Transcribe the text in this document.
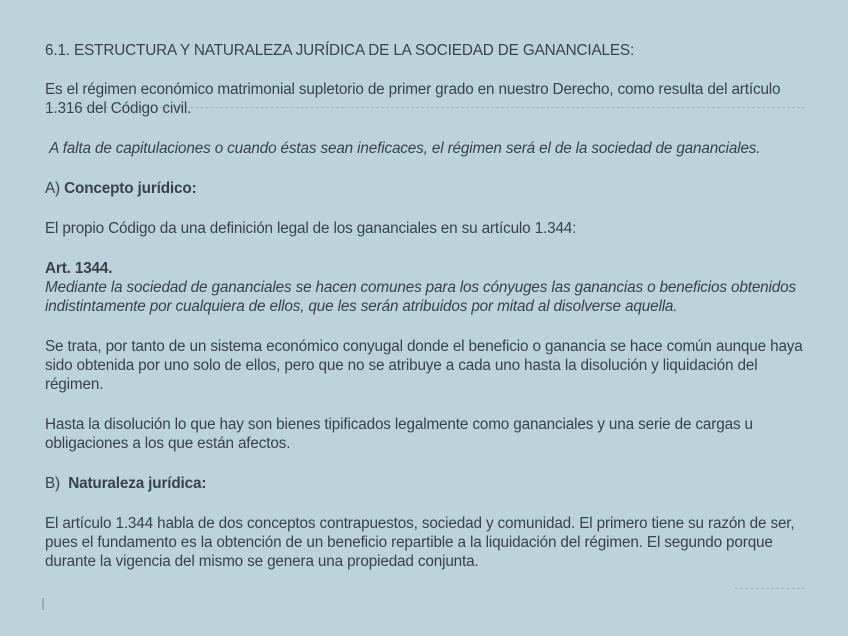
6.1. ESTRUCTURA Y NATURALEZA JURÍDICA DE LA SOCIEDAD DE GANANCIALES:

Es el régimen económico matrimonial supletorio de primer grado en nuestro Derecho, como resulta del artículo 1.316 del Código civil.

A falta de capitulaciones o cuando éstas sean ineficaces, el régimen será el de la sociedad de gananciales.

A) Concepto jurídico:

El propio Código da una definición legal de los gananciales en su artículo 1.344:

Art. 1344.

Mediante la sociedad de gananciales se hacen comunes para los cónyuges las ganancias o beneficios obtenidos indistintamente por cualquiera de ellos, que les serán atribuidos por mitad al disolverse aquella.

Se trata, por tanto de un sistema económico conyugal donde el beneficio o ganancia se hace común aunque haya sido obtenida por uno solo de ellos, pero que no se atribuye a cada uno hasta la disolución y liquidación del régimen.

Hasta la disolución lo que hay son bienes tipificados legalmente como gananciales y una serie de cargas u obligaciones a los que están afectos.

B) Naturaleza jurídica:

El artículo 1.344 habla de dos conceptos contrapuestos, sociedad y comunidad. El primero tiene su razón de ser, pues el fundamento es la obtención de un beneficio repartible a la liquidación del régimen. El segundo porque durante la vigencia del mismo se genera una propiedad conjunta.
